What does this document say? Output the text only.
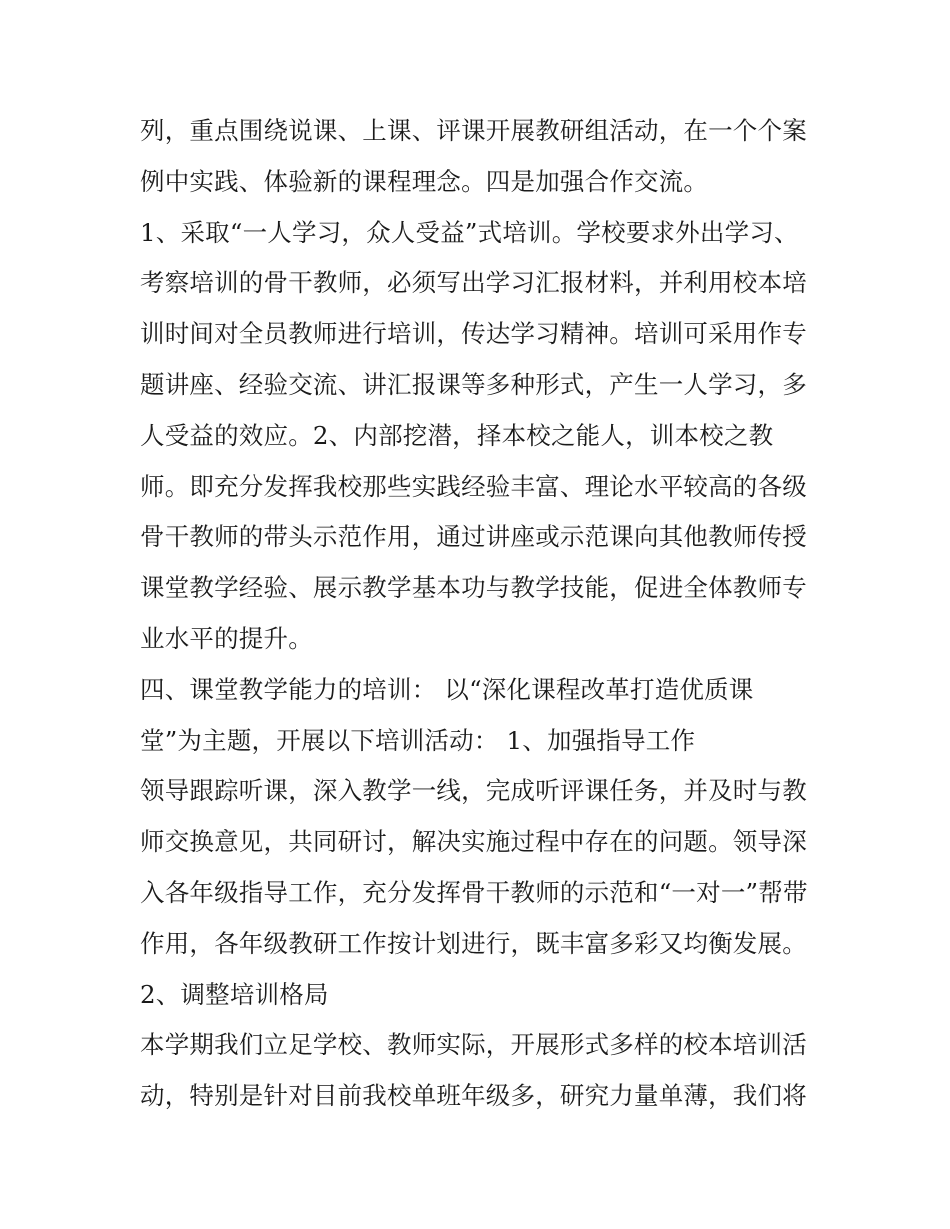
列，重点围绕说课、上课、评课开展教研组活动，在一个个案
例中实践、体验新的课程理念。四是加强合作交流。
1、采取“一人学习，众人受益”式培训。学校要求外出学习、
考察培训的骨干教师，必须写出学习汇报材料，并利用校本培
训时间对全员教师进行培训，传达学习精神。培训可采用作专
题讲座、经验交流、讲汇报课等多种形式，产生一人学习，多
人受益的效应。2、内部挖潜，择本校之能人，训本校之教
师。即充分发挥我校那些实践经验丰富、理论水平较高的各级
骨干教师的带头示范作用，通过讲座或示范课向其他教师传授
课堂教学经验、展示教学基本功与教学技能，促进全体教师专
业水平的提升。
四、课堂教学能力的培训： 以“深化课程改革打造优质课
堂”为主题，开展以下培训活动： 1、加强指导工作
领导跟踪听课，深入教学一线，完成听评课任务，并及时与教
师交换意见，共同研讨，解决实施过程中存在的问题。领导深
入各年级指导工作，充分发挥骨干教师的示范和“一对一”帮带
作用，各年级教研工作按计划进行，既丰富多彩又均衡发展。
2、调整培训格局
本学期我们立足学校、教师实际，开展形式多样的校本培训活
动，特别是针对目前我校单班年级多，研究力量单薄，我们将
